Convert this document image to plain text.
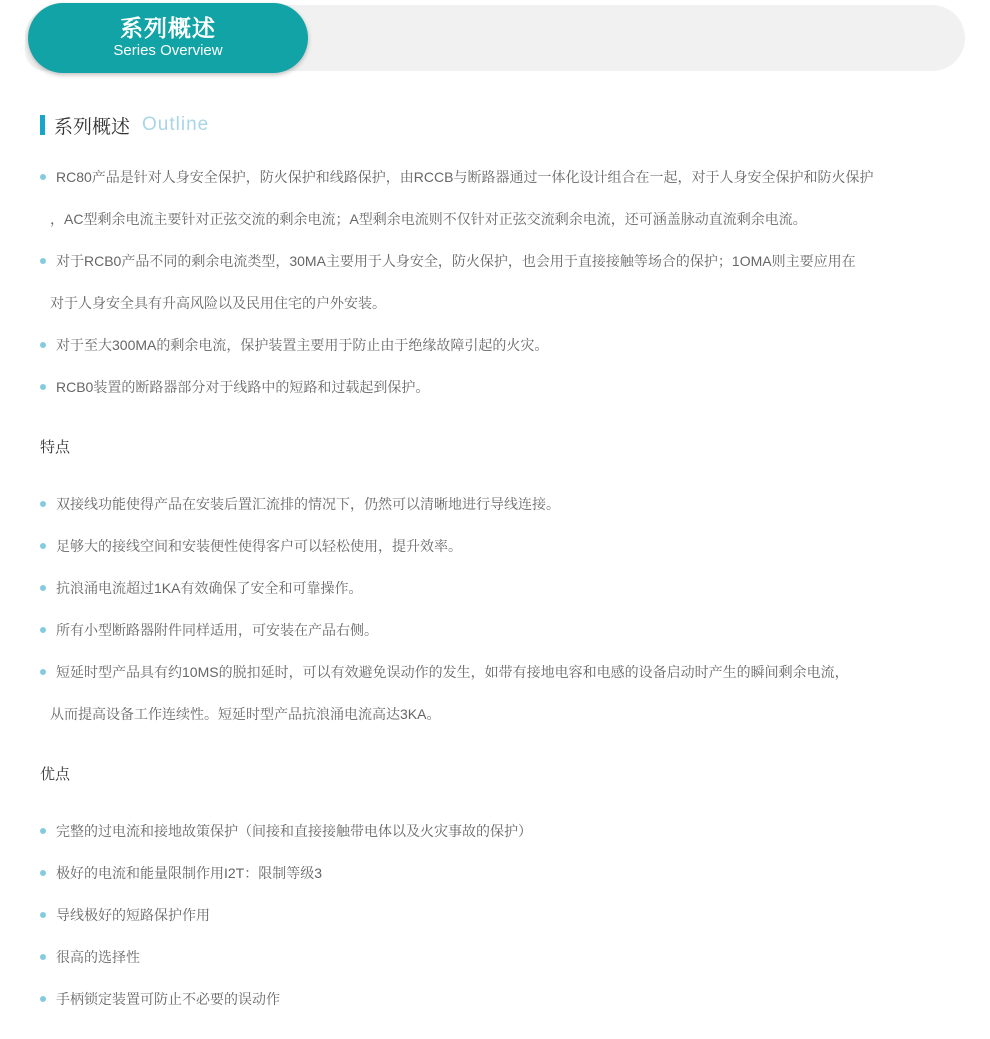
系列概述
Series Overview
系列概述 Outline
RC80产品是针对人身安全保护，防火保护和线路保护，由RCCB与断路器通过一体化设计组合在一起，对于人身安全保护和防火保护
，AC型剩余电流主要针对正弦交流的剩余电流；A型剩余电流则不仅针对正弦交流剩余电流，还可涵盖脉动直流剩余电流。
对于RCB0产品不同的剩余电流类型，30MA主要用于人身安全，防火保护，也会用于直接接触等场合的保护；1OMA则主要应用在
对于人身安全具有升高风险以及民用住宅的户外安装。
对于至大300MA的剩余电流，保护装置主要用于防止由于绝缘故障引起的火灾。
RCB0装置的断路器部分对于线路中的短路和过载起到保护。
特点
双接线功能使得产品在安装后置汇流排的情况下，仍然可以清晰地进行导线连接。
足够大的接线空间和安装便性使得客户可以轻松使用，提升效率。
抗浪涌电流超过1KA有效确保了安全和可靠操作。
所有小型断路器附件同样适用，可安装在产品右侧。
短延时型产品具有约10MS的脱扣延时，可以有效避免误动作的发生，如带有接地电容和电感的设备启动时产生的瞬间剩余电流，
从而提高设备工作连续性。短延时型产品抗浪涌电流高达3KA。
优点
完整的过电流和接地故策保护（间接和直接接触带电体以及火灾事故的保护）
极好的电流和能量限制作用I2T：限制等级3
导线极好的短路保护作用
很高的选择性
手柄锁定装置可防止不必要的误动作
